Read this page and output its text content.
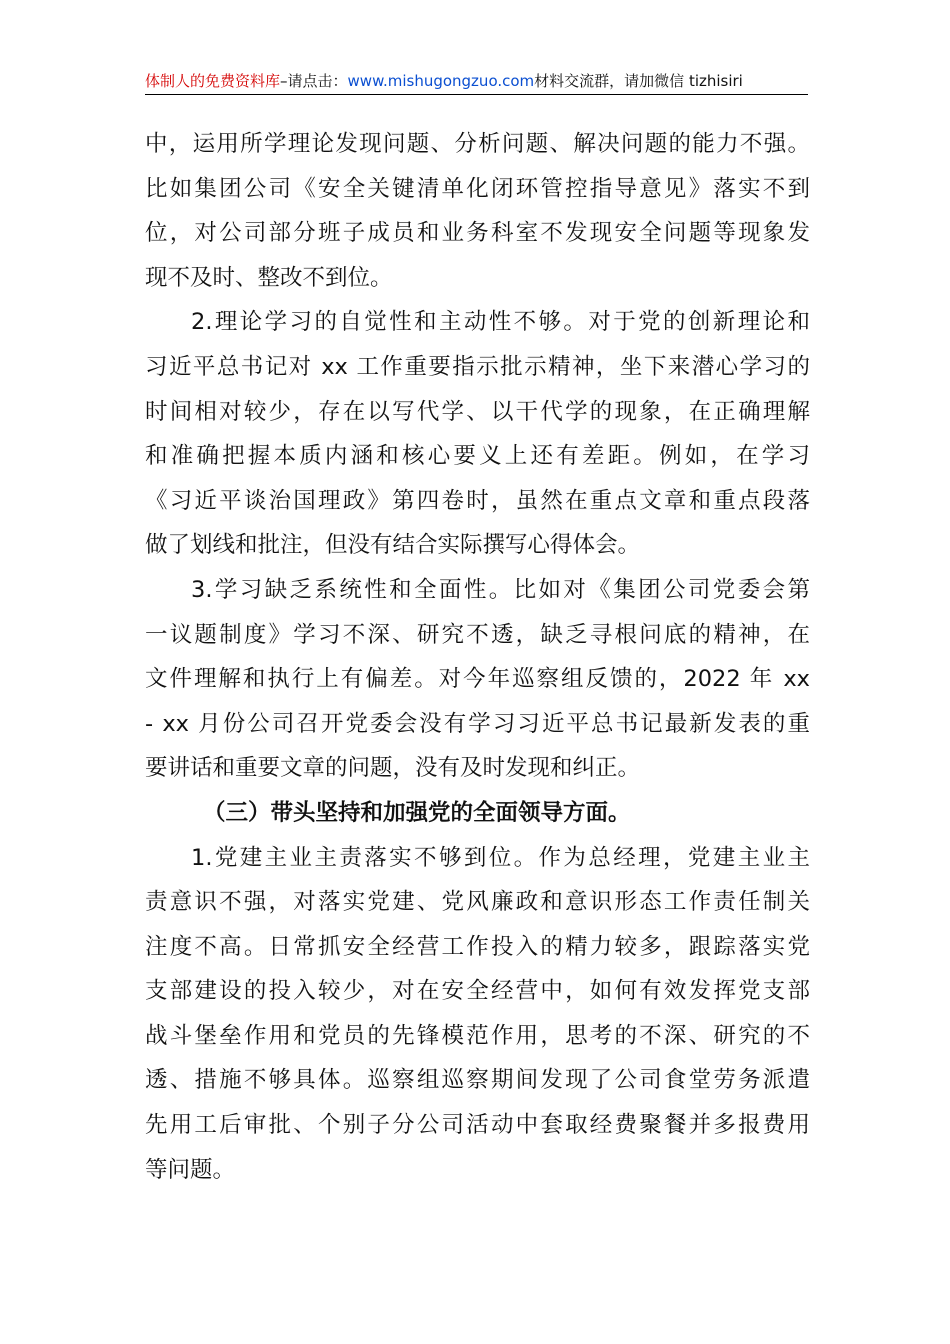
体制人的免费资料库–请点击：www.mishugongzuo.com材料交流群，请加微信 tizhisiri
中，运用所学理论发现问题、分析问题、解决问题的能力不强。
比如集团公司《安全关键清单化闭环管控指导意见》落实不到
位，对公司部分班子成员和业务科室不发现安全问题等现象发
现不及时、整改不到位。
2.理论学习的自觉性和主动性不够。对于党的创新理论和
习近平总书记对 xx 工作重要指示批示精神，坐下来潜心学习的
时间相对较少，存在以写代学、以干代学的现象，在正确理解
和准确把握本质内涵和核心要义上还有差距。例如，在学习
《习近平谈治国理政》第四卷时，虽然在重点文章和重点段落
做了划线和批注，但没有结合实际撰写心得体会。
3.学习缺乏系统性和全面性。比如对《集团公司党委会第
一议题制度》学习不深、研究不透，缺乏寻根问底的精神，在
文件理解和执行上有偏差。对今年巡察组反馈的，2022 年 xx
- xx 月份公司召开党委会没有学习习近平总书记最新发表的重
要讲话和重要文章的问题，没有及时发现和纠正。
（三）带头坚持和加强党的全面领导方面。
1.党建主业主责落实不够到位。作为总经理，党建主业主
责意识不强，对落实党建、党风廉政和意识形态工作责任制关
注度不高。日常抓安全经营工作投入的精力较多，跟踪落实党
支部建设的投入较少，对在安全经营中，如何有效发挥党支部
战斗堡垒作用和党员的先锋模范作用，思考的不深、研究的不
透、措施不够具体。巡察组巡察期间发现了公司食堂劳务派遣
先用工后审批、个别子分公司活动中套取经费聚餐并多报费用
等问题。
